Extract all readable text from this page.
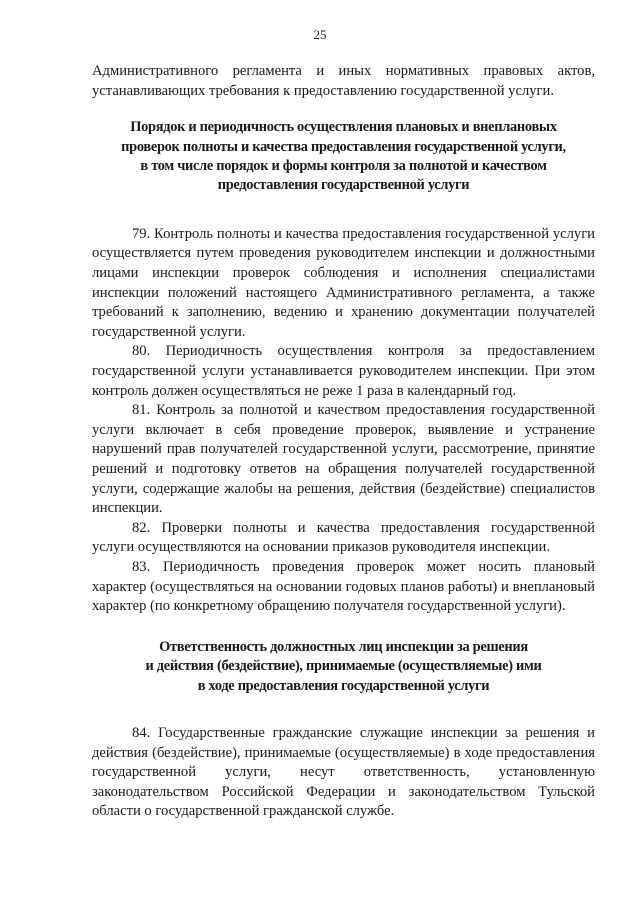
25

Административного регламента и иных нормативных правовых актов, устанавливающих требования к предоставлению государственной услуги.

Порядок и периодичность осуществления плановых и внеплановых
проверок полноты и качества предоставления государственной услуги,
в том числе порядок и формы контроля за полнотой и качеством
предоставления государственной услуги

79. Контроль полноты и качества предоставления государственной услуги осуществляется путем проведения руководителем инспекции и должностными лицами инспекции проверок соблюдения и исполнения специалистами инспекции положений настоящего Административного регламента, а также требований к заполнению, ведению и хранению документации получателей государственной услуги.

80. Периодичность осуществления контроля за предоставлением государственной услуги устанавливается руководителем инспекции. При этом контроль должен осуществляться не реже 1 раза в календарный год.

81. Контроль за полнотой и качеством предоставления государственной услуги включает в себя проведение проверок, выявление и устранение нарушений прав получателей государственной услуги, рассмотрение, принятие решений и подготовку ответов на обращения получателей государственной услуги, содержащие жалобы на решения, действия (бездействие) специалистов инспекции.

82. Проверки полноты и качества предоставления государственной услуги осуществляются на основании приказов руководителя инспекции.

83. Периодичность проведения проверок может носить плановый характер (осуществляться на основании годовых планов работы) и внеплановый характер (по конкретному обращению получателя государственной услуги).

Ответственность должностных лиц инспекции за решения
и действия (бездействие), принимаемые (осуществляемые) ими
в ходе предоставления государственной услуги

84. Государственные гражданские служащие инспекции за решения и действия (бездействие), принимаемые (осуществляемые) в ходе предоставления государственной услуги, несут ответственность, установленную законодательством Российской Федерации и законодательством Тульской области о государственной гражданской службе.
